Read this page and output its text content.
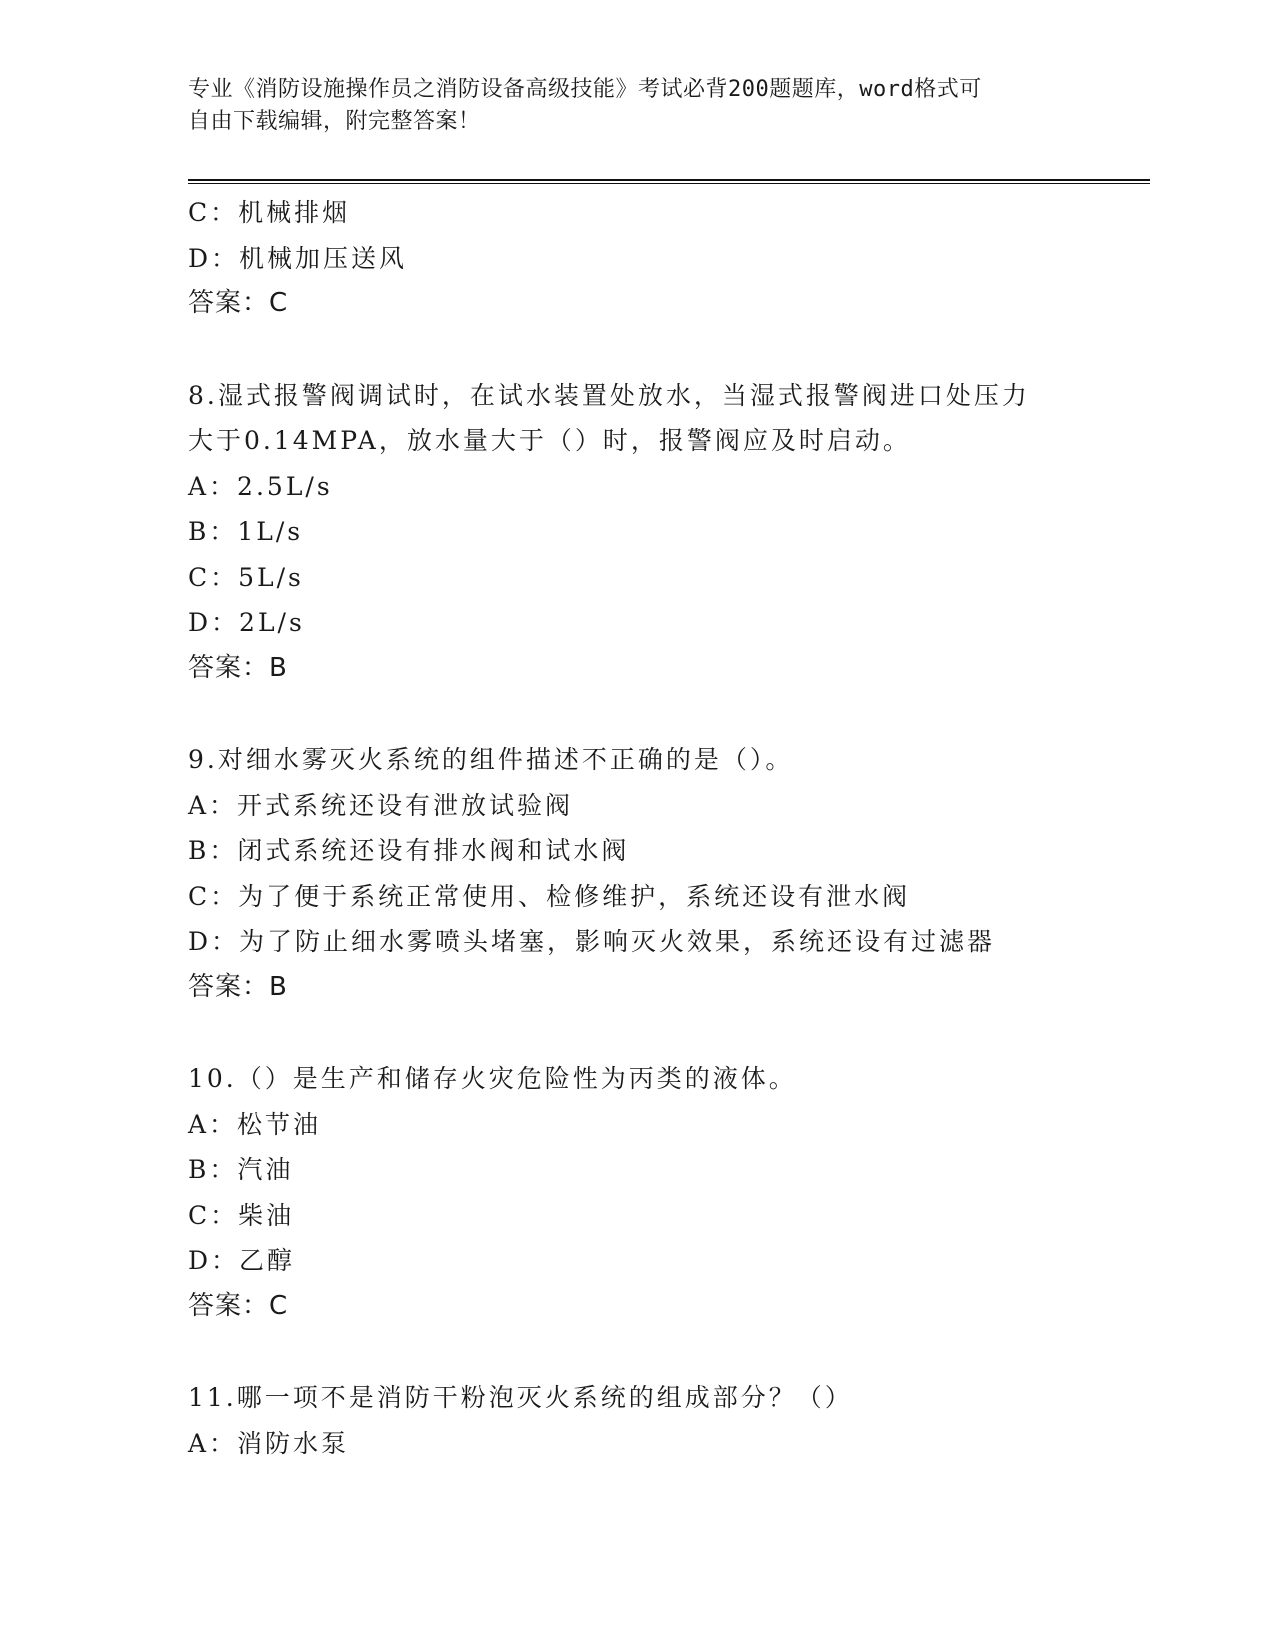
专业《消防设施操作员之消防设备高级技能》考试必背200题题库，word格式可
自由下载编辑，附完整答案！
C：机械排烟
D：机械加压送风
答案：C
8.湿式报警阀调试时，在试水装置处放水，当湿式报警阀进口处压力
大于0.14MPA，放水量大于（）时，报警阀应及时启动。
A：2.5L/s
B：1L/s
C：5L/s
D：2L/s
答案：B
9.对细水雾灭火系统的组件描述不正确的是（）。
A：开式系统还设有泄放试验阀
B：闭式系统还设有排水阀和试水阀
C：为了便于系统正常使用、检修维护，系统还设有泄水阀
D：为了防止细水雾喷头堵塞，影响灭火效果，系统还设有过滤器
答案：B
10.（）是生产和储存火灾危险性为丙类的液体。
A：松节油
B：汽油
C：柴油
D：乙醇
答案：C
11.哪一项不是消防干粉泡灭火系统的组成部分？（）
A：消防水泵
